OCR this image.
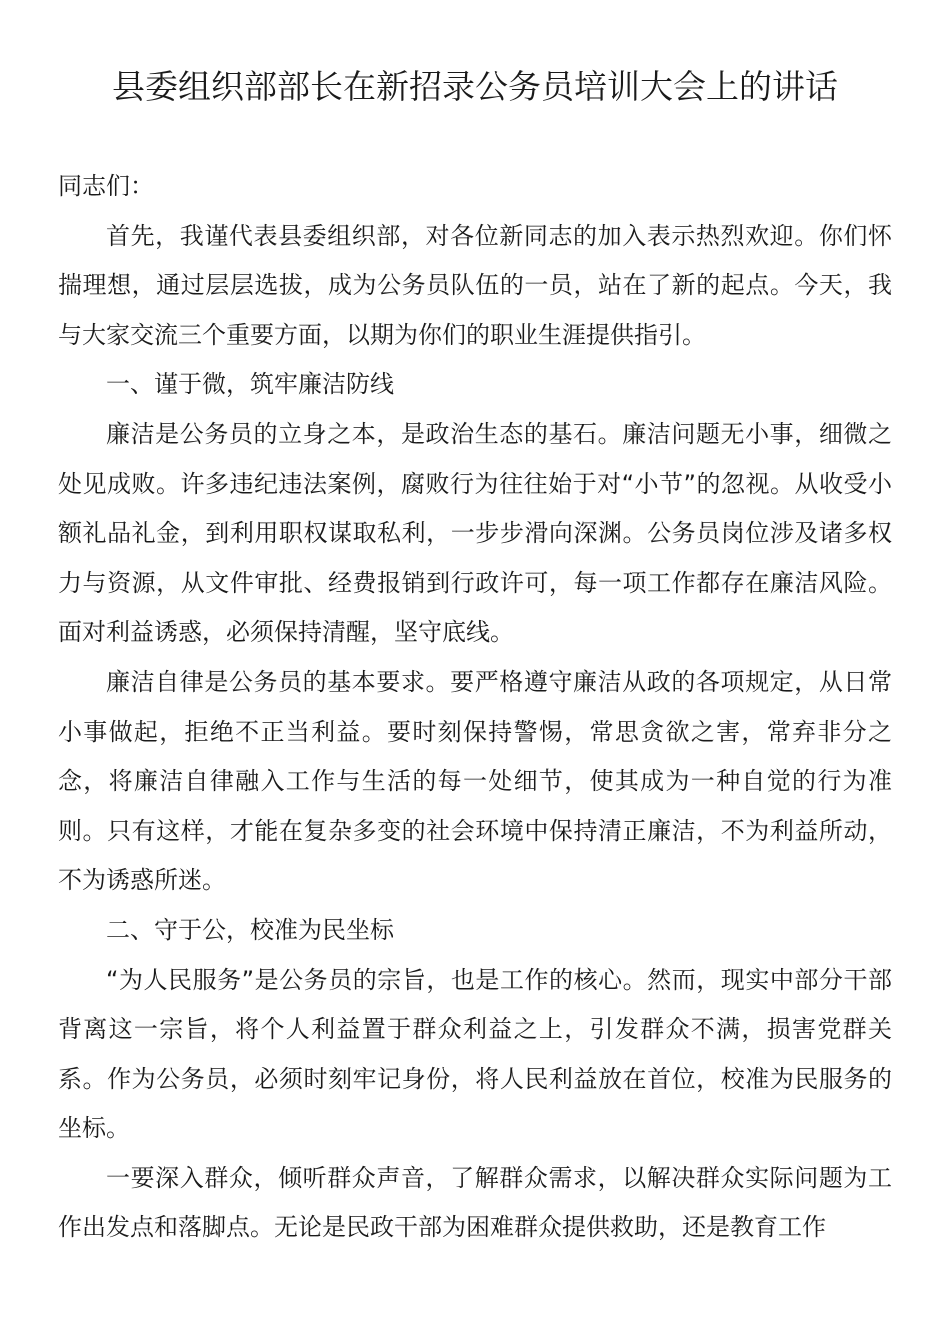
县委组织部部长在新招录公务员培训大会上的讲话

同志们：

首先，我谨代表县委组织部，对各位新同志的加入表示热烈欢迎。你们怀揣理想，通过层层选拔，成为公务员队伍的一员，站在了新的起点。今天，我与大家交流三个重要方面，以期为你们的职业生涯提供指引。

一、谨于微，筑牢廉洁防线

廉洁是公务员的立身之本，是政治生态的基石。廉洁问题无小事，细微之处见成败。许多违纪违法案例，腐败行为往往始于对“小节”的忽视。从收受小额礼品礼金，到利用职权谋取私利，一步步滑向深渊。公务员岗位涉及诸多权力与资源，从文件审批、经费报销到行政许可，每一项工作都存在廉洁风险。面对利益诱惑，必须保持清醒，坚守底线。

廉洁自律是公务员的基本要求。要严格遵守廉洁从政的各项规定，从日常小事做起，拒绝不正当利益。要时刻保持警惕，常思贪欲之害，常弃非分之念，将廉洁自律融入工作与生活的每一处细节，使其成为一种自觉的行为准则。只有这样，才能在复杂多变的社会环境中保持清正廉洁，不为利益所动，不为诱惑所迷。

二、守于公，校准为民坐标

“为人民服务”是公务员的宗旨，也是工作的核心。然而，现实中部分干部背离这一宗旨，将个人利益置于群众利益之上，引发群众不满，损害党群关系。作为公务员，必须时刻牢记身份，将人民利益放在首位，校准为民服务的坐标。

一要深入群众，倾听群众声音，了解群众需求，以解决群众实际问题为工作出发点和落脚点。无论是民政干部为困难群众提供救助，还是教育工作
